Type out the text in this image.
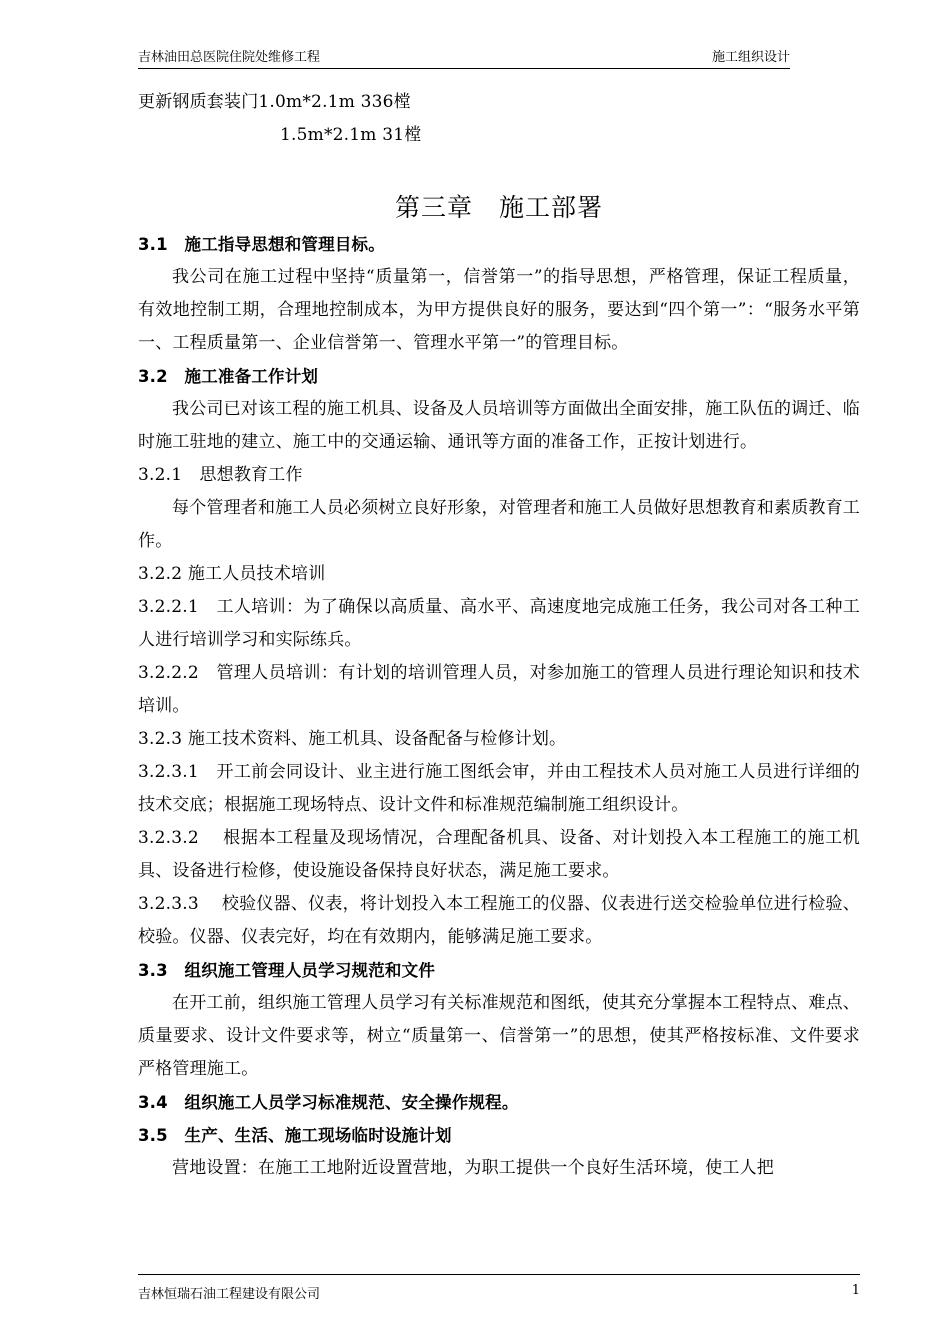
吉林油田总医院住院处维修工程	施工组织设计
更新钢质套装门1.0m*2.1m 336樘
1.5m*2.1m 31樘
第三章　施工部署
3.1　施工指导思想和管理目标。
我公司在施工过程中坚持“质量第一，信誉第一”的指导思想，严格管理，保证工程质量，有效地控制工期，合理地控制成本，为甲方提供良好的服务，要达到“四个第一”：“服务水平第一、工程质量第一、企业信誉第一、管理水平第一”的管理目标。
3.2　施工准备工作计划
我公司已对该工程的施工机具、设备及人员培训等方面做出全面安排，施工队伍的调迁、临时施工驻地的建立、施工中的交通运输、通讯等方面的准备工作，正按计划进行。
3.2.1　思想教育工作
每个管理者和施工人员必须树立良好形象，对管理者和施工人员做好思想教育和素质教育工作。
3.2.2 施工人员技术培训
3.2.2.1　工人培训：为了确保以高质量、高水平、高速度地完成施工任务，我公司对各工种工人进行培训学习和实际练兵。
3.2.2.2　管理人员培训：有计划的培训管理人员，对参加施工的管理人员进行理论知识和技术培训。
3.2.3 施工技术资料、施工机具、设备配备与检修计划。
3.2.3.1　开工前会同设计、业主进行施工图纸会审，并由工程技术人员对施工人员进行详细的技术交底；根据施工现场特点、设计文件和标准规范编制施工组织设计。
3.2.3.2　 根据本工程量及现场情况，合理配备机具、设备、对计划投入本工程施工的施工机具、设备进行检修，使设施设备保持良好状态，满足施工要求。
3.2.3.3　 校验仪器、仪表，将计划投入本工程施工的仪器、仪表进行送交检验单位进行检验、校验。仪器、仪表完好，均在有效期内，能够满足施工要求。
3.3　组织施工管理人员学习规范和文件
在开工前，组织施工管理人员学习有关标准规范和图纸，使其充分掌握本工程特点、难点、质量要求、设计文件要求等，树立“质量第一、信誉第一”的思想，使其严格按标准、文件要求严格管理施工。
3.4　组织施工人员学习标准规范、安全操作规程。
3.5　生产、生活、施工现场临时设施计划
营地设置：在施工工地附近设置营地，为职工提供一个良好生活环境，使工人把
吉林恒瑞石油工程建设有限公司	1
